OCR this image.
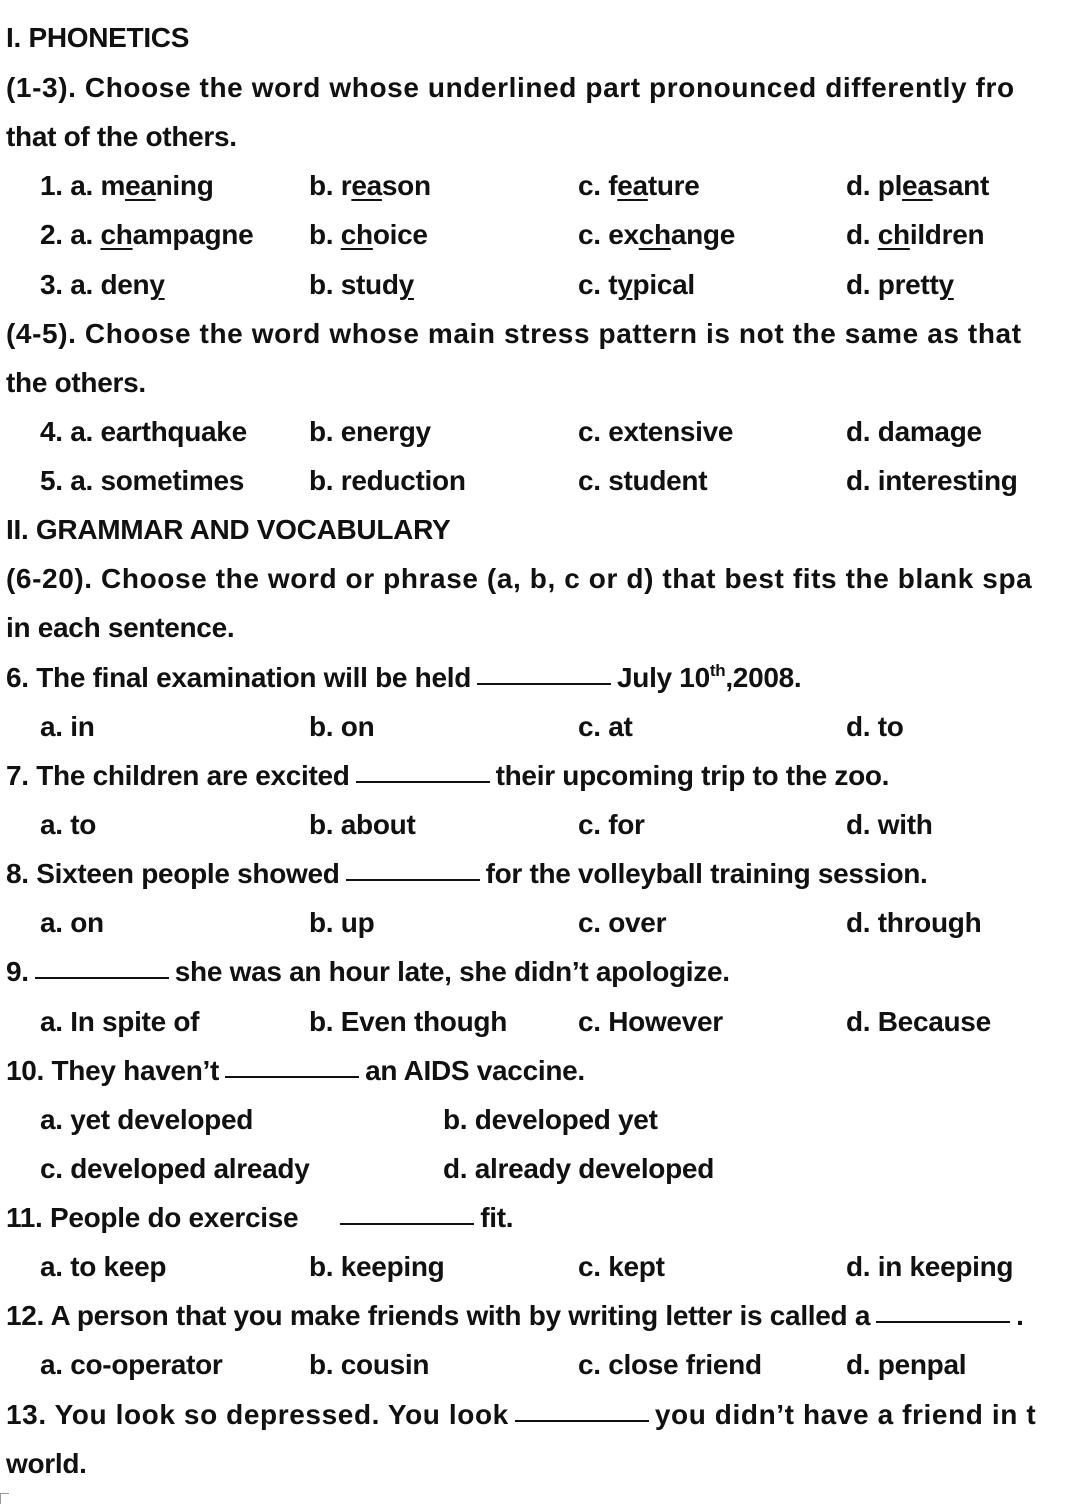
I. PHONETICS
(1-3). Choose the word whose underlined part pronounced differently fro
that of the others.
1. a. meaning	b. reason	c. feature	d. pleasant
2. a. champagne b. choice	c. exchange	d. children
3. a. deny	b. study	c. typical	d. pretty
(4-5). Choose the word whose main stress pattern is not the same as that
the others.
4. a. earthquake b. energy	c. extensive	d. damage
5. a. sometimes b. reduction	c. student	d. interesting
II. GRAMMAR AND VOCABULARY
(6-20). Choose the word or phrase (a, b, c or d) that best fits the blank spa
in each sentence.
6. The final examination will be held	July 10th,2008.
a. in	b. on	c. at	d. to
7. The children are excited	their upcoming trip to the zoo.
a. to	b. about	c. for	d. with
8. Sixteen people showed	for the volleyball training session.
a. on	b. up	c. over	d. through
9.	she was an hour late, she didn’t apologize.
a. In spite of	b. Even though	c. However	d. Because
10. They haven’t	an AIDS vaccine.
a. yet developed	b. developed yet
c. developed already	d. already developed
11. People do exercise	fit.
a. to keep	b. keeping	c. kept	d. in keeping
12. A person that you make friends with by writing letter is called a	.
a. co-operator	b. cousin	c. close friend	d. penpal
13. You look so depressed. You look	you didn’t have a friend in t
world.
